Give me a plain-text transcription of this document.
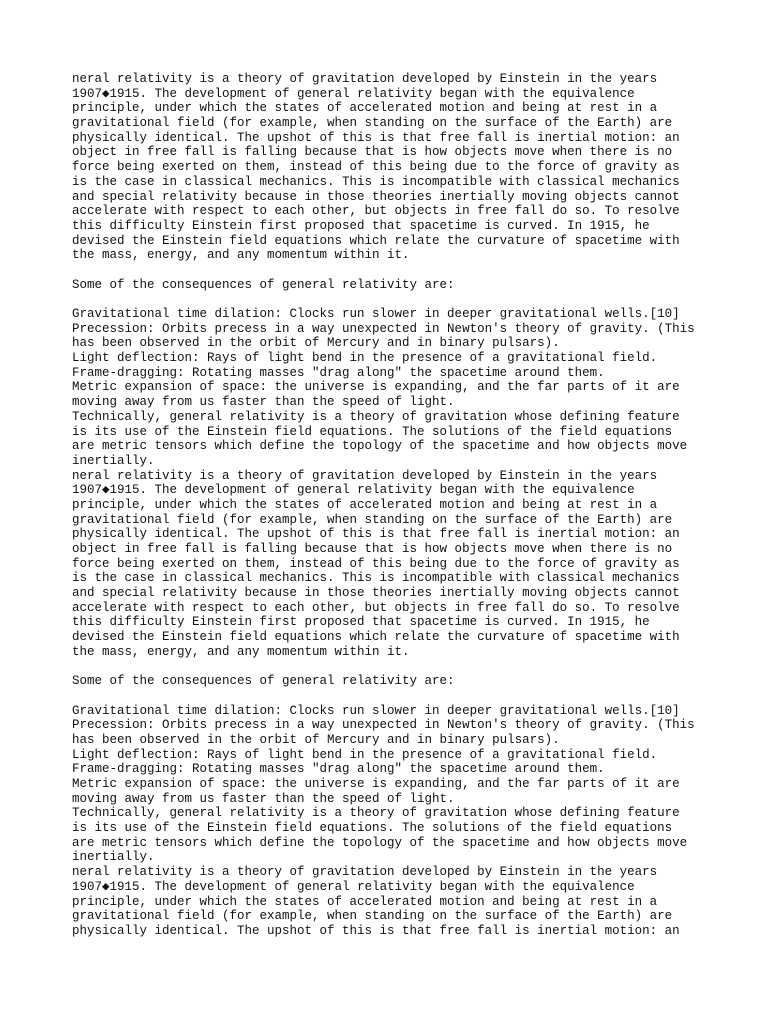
neral relativity is a theory of gravitation developed by Einstein in the years
1907◆1915. The development of general relativity began with the equivalence
principle, under which the states of accelerated motion and being at rest in a
gravitational field (for example, when standing on the surface of the Earth) are
physically identical. The upshot of this is that free fall is inertial motion: an
object in free fall is falling because that is how objects move when there is no
force being exerted on them, instead of this being due to the force of gravity as
is the case in classical mechanics. This is incompatible with classical mechanics
and special relativity because in those theories inertially moving objects cannot
accelerate with respect to each other, but objects in free fall do so. To resolve
this difficulty Einstein first proposed that spacetime is curved. In 1915, he
devised the Einstein field equations which relate the curvature of spacetime with
the mass, energy, and any momentum within it.
Some of the consequences of general relativity are:
Gravitational time dilation: Clocks run slower in deeper gravitational wells.[10]
Precession: Orbits precess in a way unexpected in Newton's theory of gravity. (This
has been observed in the orbit of Mercury and in binary pulsars).
Light deflection: Rays of light bend in the presence of a gravitational field.
Frame-dragging: Rotating masses "drag along" the spacetime around them.
Metric expansion of space: the universe is expanding, and the far parts of it are
moving away from us faster than the speed of light.
Technically, general relativity is a theory of gravitation whose defining feature
is its use of the Einstein field equations. The solutions of the field equations
are metric tensors which define the topology of the spacetime and how objects move
inertially.
neral relativity is a theory of gravitation developed by Einstein in the years
1907◆1915. The development of general relativity began with the equivalence
principle, under which the states of accelerated motion and being at rest in a
gravitational field (for example, when standing on the surface of the Earth) are
physically identical. The upshot of this is that free fall is inertial motion: an
object in free fall is falling because that is how objects move when there is no
force being exerted on them, instead of this being due to the force of gravity as
is the case in classical mechanics. This is incompatible with classical mechanics
and special relativity because in those theories inertially moving objects cannot
accelerate with respect to each other, but objects in free fall do so. To resolve
this difficulty Einstein first proposed that spacetime is curved. In 1915, he
devised the Einstein field equations which relate the curvature of spacetime with
the mass, energy, and any momentum within it.
Some of the consequences of general relativity are:
Gravitational time dilation: Clocks run slower in deeper gravitational wells.[10]
Precession: Orbits precess in a way unexpected in Newton's theory of gravity. (This
has been observed in the orbit of Mercury and in binary pulsars).
Light deflection: Rays of light bend in the presence of a gravitational field.
Frame-dragging: Rotating masses "drag along" the spacetime around them.
Metric expansion of space: the universe is expanding, and the far parts of it are
moving away from us faster than the speed of light.
Technically, general relativity is a theory of gravitation whose defining feature
is its use of the Einstein field equations. The solutions of the field equations
are metric tensors which define the topology of the spacetime and how objects move
inertially.
neral relativity is a theory of gravitation developed by Einstein in the years
1907◆1915. The development of general relativity began with the equivalence
principle, under which the states of accelerated motion and being at rest in a
gravitational field (for example, when standing on the surface of the Earth) are
physically identical. The upshot of this is that free fall is inertial motion: an
